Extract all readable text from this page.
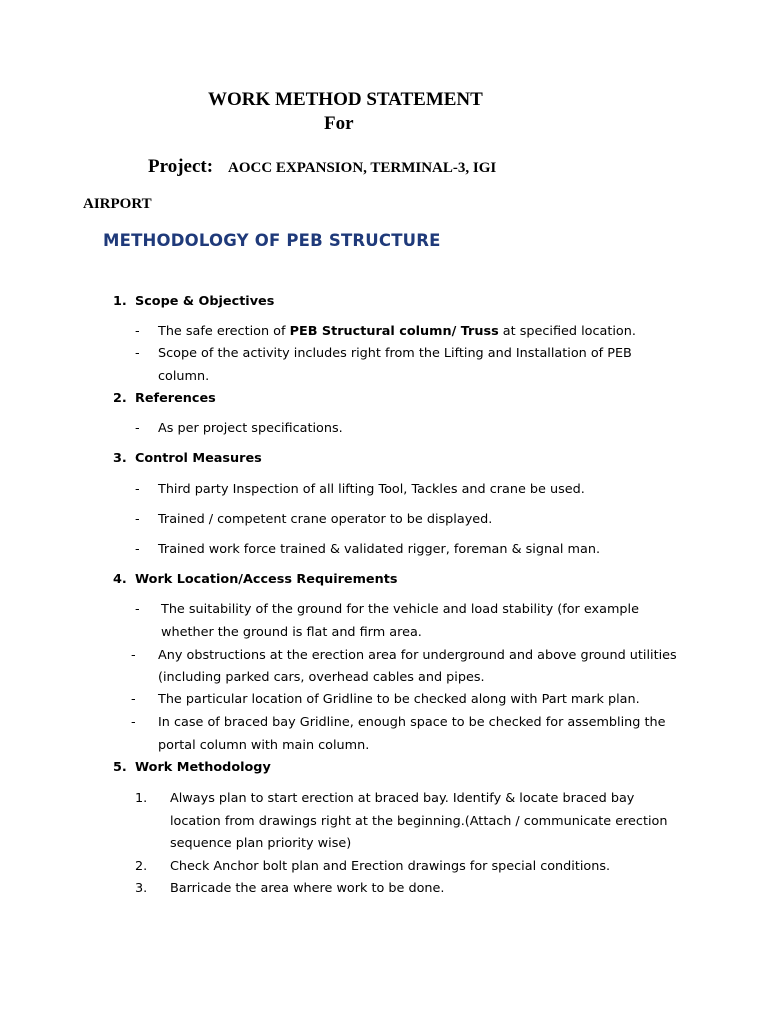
WORK METHOD STATEMENT
For
Project: AOCC EXPANSION, TERMINAL-3, IGI
AIRPORT
METHODOLOGY OF PEB STRUCTURE
1. Scope & Objectives
- The safe erection of PEB Structural column/ Truss at specified location.
- Scope of the activity includes right from the Lifting and Installation of PEB
column.
2. References
- As per project specifications.
3. Control Measures
- Third party Inspection of all lifting Tool, Tackles and crane be used.
- Trained / competent crane operator to be displayed.
- Trained work force trained & validated rigger, foreman & signal man.
4. Work Location/Access Requirements
- The suitability of the ground for the vehicle and load stability (for example
whether the ground is flat and firm area.
- Any obstructions at the erection area for underground and above ground utilities
(including parked cars, overhead cables and pipes.
- The particular location of Gridline to be checked along with Part mark plan.
- In case of braced bay Gridline, enough space to be checked for assembling the
portal column with main column.
5. Work Methodology
1. Always plan to start erection at braced bay. Identify & locate braced bay
location from drawings right at the beginning.(Attach / communicate erection
sequence plan priority wise)
2. Check Anchor bolt plan and Erection drawings for special conditions.
3. Barricade the area where work to be done.
